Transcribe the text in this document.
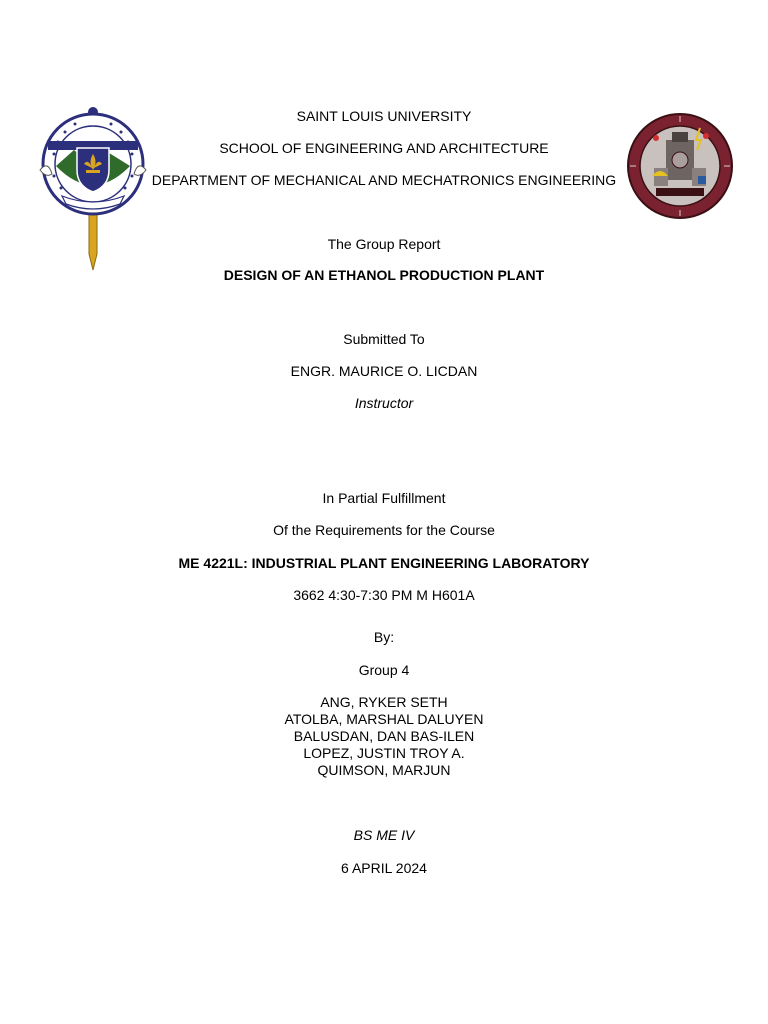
SAINT LOUIS UNIVERSITY
SCHOOL OF ENGINEERING AND ARCHITECTURE
DEPARTMENT OF MECHANICAL AND MECHATRONICS ENGINEERING
The Group Report
DESIGN OF AN ETHANOL PRODUCTION PLANT
Submitted To
ENGR. MAURICE O. LICDAN
Instructor
In Partial Fulfillment
Of the Requirements for the Course
ME 4221L: INDUSTRIAL PLANT ENGINEERING LABORATORY
3662 4:30-7:30 PM M H601A
By:
Group 4
ANG, RYKER SETH
ATOLBA, MARSHAL DALUYEN
BALUSDAN, DAN BAS-ILEN
LOPEZ, JUSTIN TROY A.
QUIMSON, MARJUN
BS ME IV
6 APRIL 2024
